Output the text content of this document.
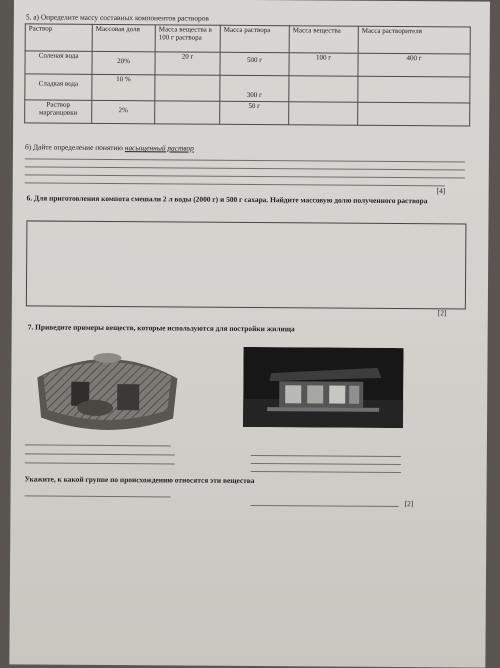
5. а) Определите массу составных компонентов растворов
Раствор	Массовая доля	Масса вещества в 100 г раствора	Масса раствора	Масса вещества	Масса растворителя
Соленая вода	20%	20 г	500 г	100 г	400 г
Сладкая вода	10 %		300 г		
Раствор марганцовки	2%		50 г		
б) Дайте определение понятию насыщенный раствор
[4]
6. Для приготовления компота смешали 2 л воды (2000 г) и 500 г сахара. Найдите массовую долю полученного раствора
[2]
7. Приведите примеры веществ, которые используются для постройки жилища
Укажите, к какой группе по происхождению относятся эти вещества
[2]
